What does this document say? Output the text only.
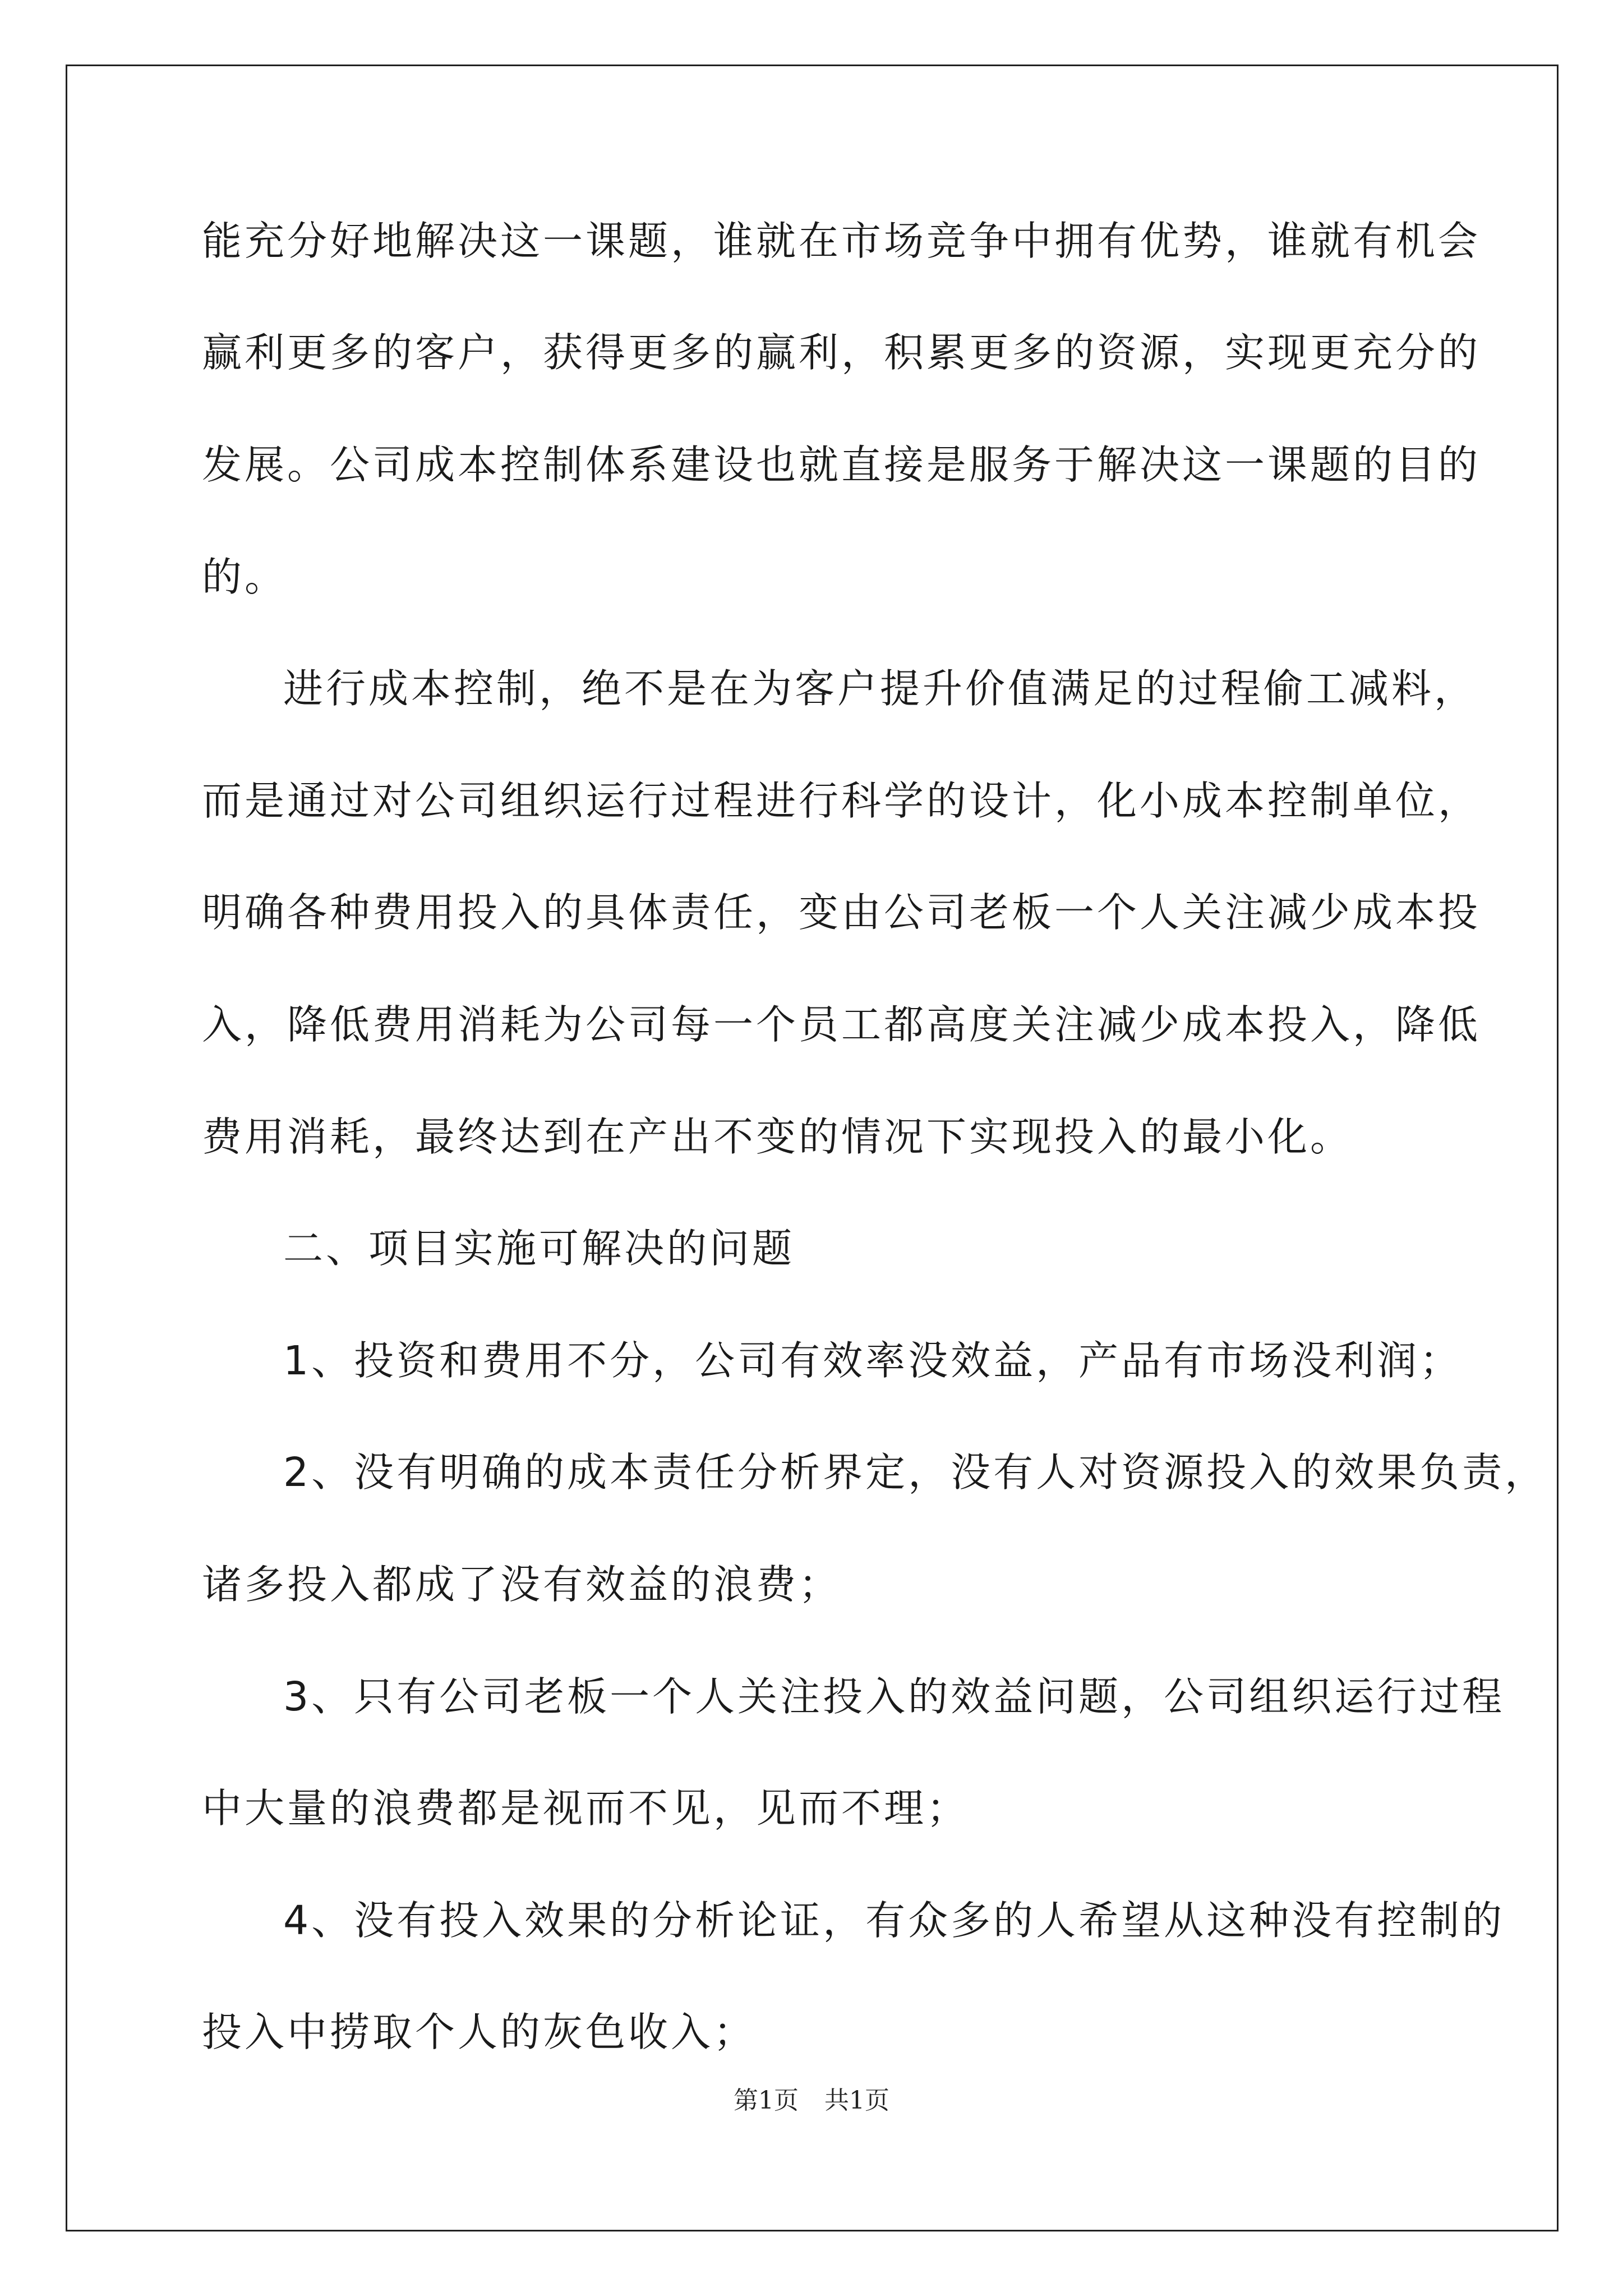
能充分好地解决这一课题，谁就在市场竞争中拥有优势，谁就有机会
赢利更多的客户，获得更多的赢利，积累更多的资源，实现更充分的
发展。公司成本控制体系建设也就直接是服务于解决这一课题的目的
的。
进行成本控制，绝不是在为客户提升价值满足的过程偷工减料，
而是通过对公司组织运行过程进行科学的设计，化小成本控制单位，
明确各种费用投入的具体责任，变由公司老板一个人关注减少成本投
入，降低费用消耗为公司每一个员工都高度关注减少成本投入，降低
费用消耗，最终达到在产出不变的情况下实现投入的最小化。
二、项目实施可解决的问题
1、投资和费用不分，公司有效率没效益，产品有市场没利润；
2、没有明确的成本责任分析界定，没有人对资源投入的效果负责，
诸多投入都成了没有效益的浪费；
3、只有公司老板一个人关注投入的效益问题，公司组织运行过程
中大量的浪费都是视而不见，见而不理；
4、没有投入效果的分析论证，有众多的人希望从这种没有控制的
投入中捞取个人的灰色收入；
第1页 共1页
